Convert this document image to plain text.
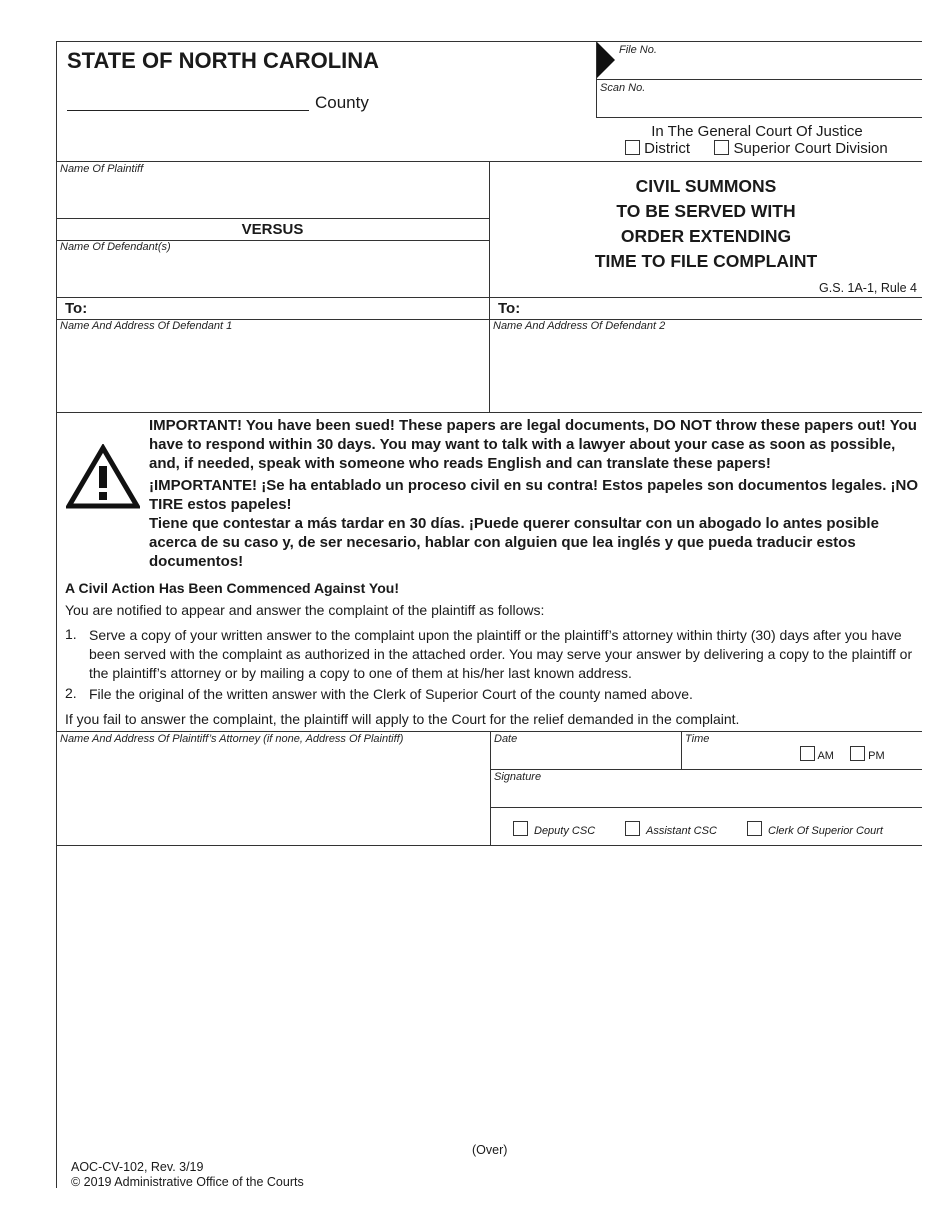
STATE OF NORTH CAROLINA
County
File No.
Scan No.
In The General Court Of Justice
District	Superior Court Division
Name Of Plaintiff
VERSUS
Name Of Defendant(s)
CIVIL SUMMONS
TO BE SERVED WITH
ORDER EXTENDING
TIME TO FILE COMPLAINT
G.S. 1A-1, Rule 4
To:	To:
Name And Address Of Defendant 1	Name And Address Of Defendant 2

IMPORTANT! You have been sued! These papers are legal documents, DO NOT throw these papers out! You have to respond within 30 days. You may want to talk with a lawyer about your case as soon as possible, and, if needed, speak with someone who reads English and can translate these papers!

¡IMPORTANTE! ¡Se ha entablado un proceso civil en su contra! Estos papeles son documentos legales. ¡NO TIRE estos papeles!

Tiene que contestar a más tardar en 30 días. ¡Puede querer consultar con un abogado lo antes posible acerca de su caso y, de ser necesario, hablar con alguien que lea inglés y que pueda traducir estos documentos!

A Civil Action Has Been Commenced Against You!
You are notified to appear and answer the complaint of the plaintiff as follows:
1. Serve a copy of your written answer to the complaint upon the plaintiff or the plaintiff’s attorney within thirty (30) days after you have been served with the complaint as authorized in the attached order. You may serve your answer by delivering a copy to the plaintiff or the plaintiff’s attorney or by mailing a copy to one of them at his/her last known address.
2. File the original of the written answer with the Clerk of Superior Court of the county named above.
If you fail to answer the complaint, the plaintiff will apply to the Court for the relief demanded in the complaint.
Name And Address Of Plaintiff’s Attorney (if none, Address Of Plaintiff)	Date	Time
AM	PM
Signature
Deputy CSC	Assistant CSC	Clerk Of Superior Court
(Over)
AOC-CV-102, Rev. 3/19
© 2019 Administrative Office of the Courts
